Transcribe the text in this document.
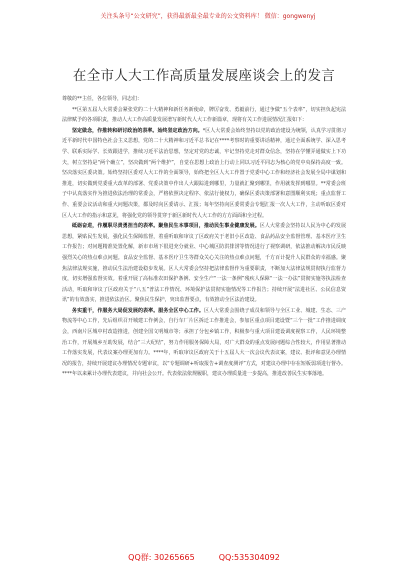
关注头条号“公文研究”，获得最新最全最专业的公文资料库！ 微信：gongwenyj
在全市人大工作高质量发展座谈会上的发言

尊敬的**主任，各位领导，同志们：

**区第五届人大常委会紧张党的二十大精神和新任务新使命，牌厉奋发、勇毅前行，通过争做“五个表率”，切实担负起宪法法律赋予的各项职责，推动人大工作高质量发展谱写新时代人大工作新篇章，现将有关工作进展情况汇报如下：

坚定做念，作推转和研讨政治的表率。始终坚定政治方向。*区人大常委会始终坚持以党的政治建设为统领，认真学习贯彻习近平新时代中国特色社会主义思想，党的二十大精神和习近平总书记在****考察时的重要讲话精神，通过全面系统学、深入思考学、联系实际学、长效跟进学，推续习近平法治思想，坚定对党的忠诚，牢记坚持党走对群众信念，坚持在学懂弄通做实上下功夫，树立坚持是“两个确立”，坚决做到“两个维护”，自觉在思想上政治上行动上同以习近平同志为核心的党中央保持高度一致。坚决落实区委决策。始终坚持区委对人大工作的全面领导，始终把全区人大工作置于党委中心工作和经济社会发展全局中谋划和推进，切实做到党委重大改革的部署、党委决策中作出人大跟踪进到哪里，力量就汇聚到哪里，作用就发挥到哪里。**常委会班子中认真落实作为推进依法治理的常委会，严格依照决定程序、依法行使权力，确保区委决策部署和意图顺利实现；重点监督工作、重要会议活动和重大问题决策，都及时向区委请示、汇报；每年坚持向区委常委会专题汇报一次人大工作，主动听取区委对区人大工作的指示和意见，将强化党的领导贯穿于新区新时代人大工作的方方面面和全过程。

砥砺奋进，作履职尽责勇担当的表率。聚焦民生本事项目，推动民生事业健康发展。区人大常委会坚持以人民为中心的发展思想，紧贴民生发展，强化民生保障监督，着重听取和审议了区政府关于老旧小区改造、食品药品安全监督管理、基本医疗卫生工作报告；对问题精准处置化解，新市市场下很进充分就业、中心城区防洪排涝等情况进行了视察调研，依法推动解决市民反映强烈关心的热点难点问题。食品安全监督、基本医疗卫生等群众关心关注的热点难点问题，千方百计提升人民群众的幸福感。聚焦法律法规实施，推动民生法治建设稳步发展。区人大常委会坚持把法律监督作为重要职责，不断加大法律法规贯彻执行监督力度，切实增强监督实效。着重开展了高标准农田保护条例、安全生产“一法一条例”残疾人保障“一法一办法”贯彻实施等执法检查活动，听取和审议了区政府关于“八五”普法工作情况、环境保护法贯彻实施情况等工作报告；持续开展“法进社区、公民信息资讯”的有效落实，推进依法治区。聚焦民生保护，突出监督要点，有效推动全区法治建设。

务实重干，作服务大局促发展的表率。服务全区中心工作。区人大常委会围绕子成员和领导与全区工业、城建、生态、三产物流等中心工作，先后组织召开城建工作例会，自行车厂片区拆迁工作推进会，参加区重点项目建设暨“三个一批”工作推进调度会，西南片区城中村改造推进，创建全国文明城市等；承担了分包乡镇工作，积极参与重大项目建设调度视察工作，人民环境整治工作，开展城乡互助发展，结合“三大纪结”，努力作用服务保障大局，对广大群众的重点发展问题综合性较大，作用显著推动工作落实发展，代表议案办理更加有力。****年，听取审议区政府关于十五届人大一次会议代表议案，建议、批评和意见办理情况的报告，持续开展建议办理情况专题审议，以“专题调研+听取报告+调查度测评”方式，对建议办理中存在短板弱项进行督办。****年以来累计办理代表建议，并向社会公开。代表依法依规履职，建议办理质量进一步提高，推进改善民生实事落地。

QQ群: 30265665	QQ:535304092
